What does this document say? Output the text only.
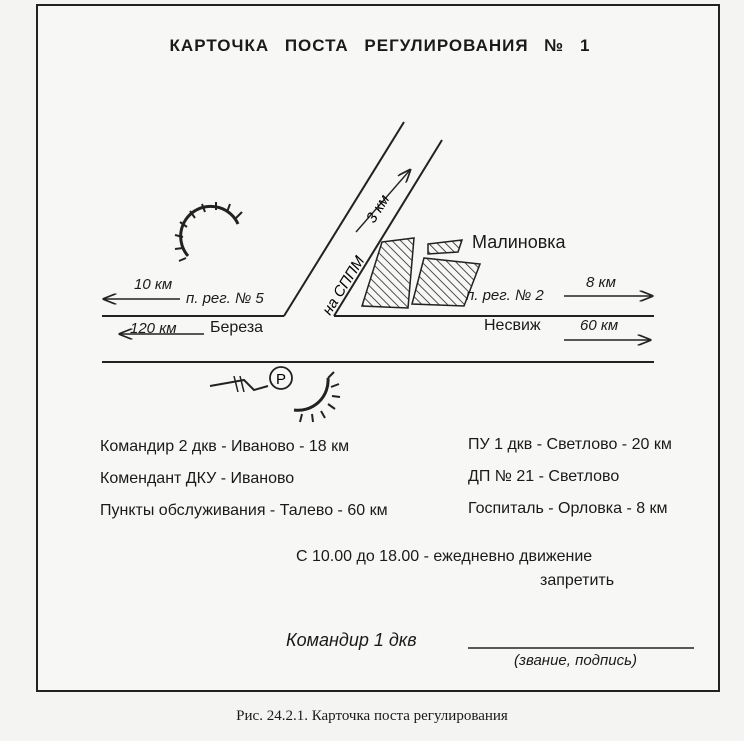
КАРТОЧКА ПОСТА РЕГУЛИРОВАНИЯ № 1
Р
на СППМ
3 км
Малиновка
10 км
п. рег. № 5
120 км Береза
п. рег. № 2
8 км
Несвиж	60 км
Командир 2 дкв - Иваново - 18 км
Комендант ДКУ - Иваново
Пункты обслуживания - Талево - 60 км
ПУ 1 дкв - Светлово - 20 км
ДП № 21 - Светлово
Госпиталь - Орловка - 8 км
С 10.00 до 18.00 - ежедневно движение
запретить
Командир 1 дкв
(звание, подпись)
Рис. 24.2.1. Карточка поста регулирования
